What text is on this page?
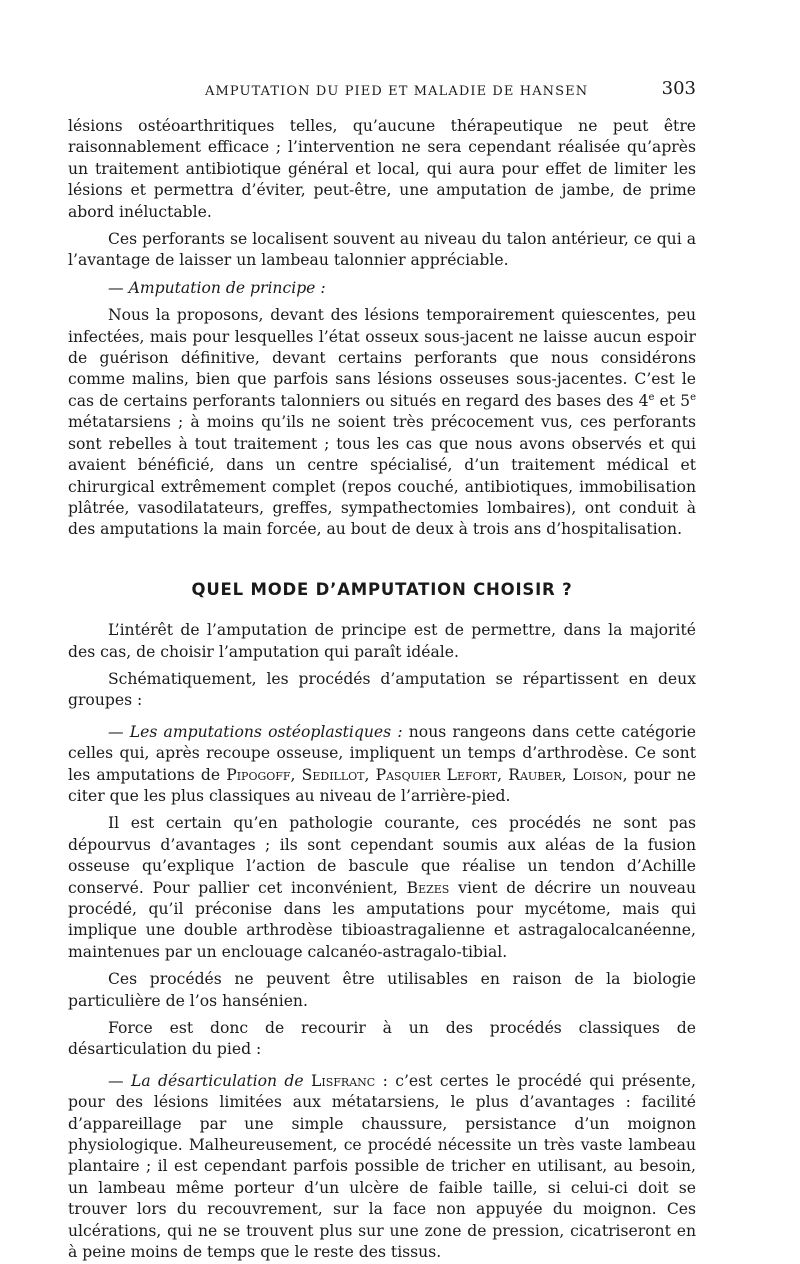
AMPUTATION DU PIED ET MALADIE DE HANSEN	303

lésions ostéoarthritiques telles, qu’aucune thérapeutique ne peut être raisonnablement efficace ; l’intervention ne sera cependant réalisée qu’après un traitement antibiotique général et local, qui aura pour effet de limiter les lésions et permettra d’éviter, peut-être, une amputation de jambe, de prime abord inéluctable.

Ces perforants se localisent souvent au niveau du talon antérieur, ce qui a l’avantage de laisser un lambeau talonnier appréciable.

— Amputation de principe :

Nous la proposons, devant des lésions temporairement quiescentes, peu infectées, mais pour lesquelles l’état osseux sous-jacent ne laisse aucun espoir de guérison définitive, devant certains perforants que nous considérons comme malins, bien que parfois sans lésions osseuses sous-jacentes. C’est le cas de certains perforants talonniers ou situés en regard des bases des 4e et 5e métatarsiens ; à moins qu’ils ne soient très précocement vus, ces perforants sont rebelles à tout traitement ; tous les cas que nous avons observés et qui avaient bénéficié, dans un centre spécialisé, d’un traitement médical et chirurgical extrêmement complet (repos couché, antibiotiques, immobilisation plâtrée, vasodilatateurs, greffes, sympathectomies lombaires), ont conduit à des amputations la main forcée, au bout de deux à trois ans d’hospitalisation.

QUEL MODE D’AMPUTATION CHOISIR ?

L’intérêt de l’amputation de principe est de permettre, dans la majorité des cas, de choisir l’amputation qui paraît idéale.

Schématiquement, les procédés d’amputation se répartissent en deux groupes :

— Les amputations ostéoplastiques : nous rangeons dans cette catégorie celles qui, après recoupe osseuse, impliquent un temps d’arthrodèse. Ce sont les amputations de Pipogoff, Sedillot, Pasquier Lefort, Rauber, Loison, pour ne citer que les plus classiques au niveau de l’arrière-pied.

Il est certain qu’en pathologie courante, ces procédés ne sont pas dépourvus d’avantages ; ils sont cependant soumis aux aléas de la fusion osseuse qu’explique l’action de bascule que réalise un tendon d’Achille conservé. Pour pallier cet inconvénient, Bezes vient de décrire un nouveau procédé, qu’il préconise dans les amputations pour mycétome, mais qui implique une double arthrodèse tibioastragalienne et astragalocalcanéenne, maintenues par un enclouage calcanéo-astragalo-tibial.

Ces procédés ne peuvent être utilisables en raison de la biologie particulière de l’os hansénien.

Force est donc de recourir à un des procédés classiques de désarticulation du pied :

— La désarticulation de Lisfranc : c’est certes le procédé qui présente, pour des lésions limitées aux métatarsiens, le plus d’avantages : facilité d’appareillage par une simple chaussure, persistance d’un moignon physiologique. Malheureusement, ce procédé nécessite un très vaste lambeau plantaire ; il est cependant parfois possible de tricher en utilisant, au besoin, un lambeau même porteur d’un ulcère de faible taille, si celui-ci doit se trouver lors du recouvrement, sur la face non appuyée du moignon. Ces ulcérations, qui ne se trouvent plus sur une zone de pression, cicatriseront en à peine moins de temps que le reste des tissus.
